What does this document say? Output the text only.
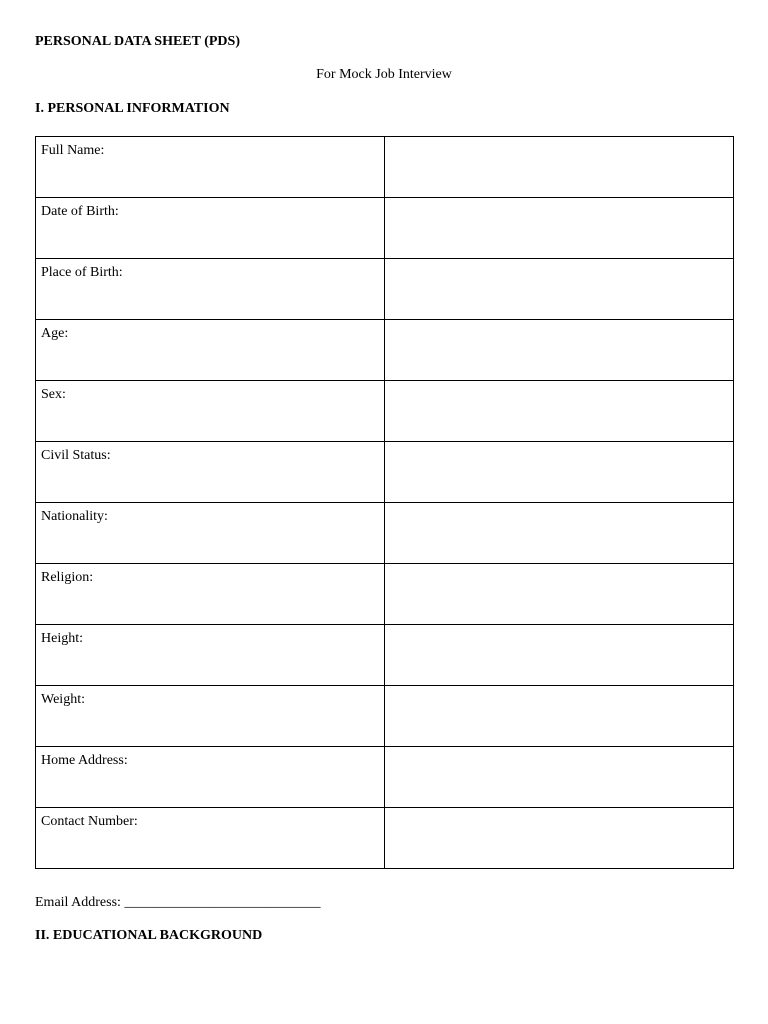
PERSONAL DATA SHEET (PDS)
For Mock Job Interview
I. PERSONAL INFORMATION
Full Name:	
Date of Birth:	
Place of Birth:	
Age:	
Sex:	
Civil Status:	
Nationality:	
Religion:	
Height:	
Weight:	
Home Address:	
Contact Number:	
Email Address: ____________________________
II. EDUCATIONAL BACKGROUND
